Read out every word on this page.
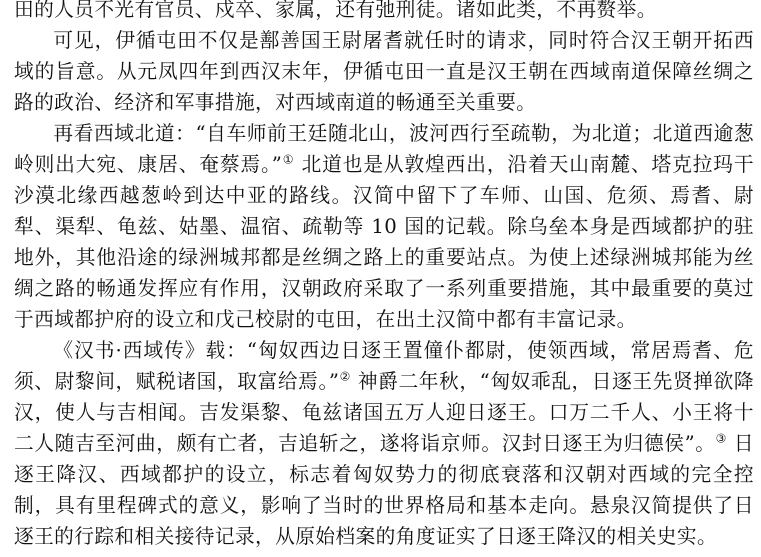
田的人员不光有官员、戍卒、家属，还有弛刑徒。诸如此类，不再赘举。

可见，伊循屯田不仅是鄯善国王尉屠耆就任时的请求，同时符合汉王朝开拓西域的旨意。从元凤四年到西汉末年，伊循屯田一直是汉王朝在西域南道保障丝绸之路的政治、经济和军事措施，对西域南道的畅通至关重要。

再看西域北道：“自车师前王廷随北山，波河西行至疏勒，为北道；北道西逾葱岭则出大宛、康居、奄蔡焉。”① 北道也是从敦煌西出，沿着天山南麓、塔克拉玛干沙漠北缘西越葱岭到达中亚的路线。汉简中留下了车师、山国、危须、焉耆、尉犁、渠犁、龟兹、姑墨、温宿、疏勒等 10 国的记载。除乌垒本身是西域都护的驻地外，其他沿途的绿洲城邦都是丝绸之路上的重要站点。为使上述绿洲城邦能为丝绸之路的畅通发挥应有作用，汉朝政府采取了一系列重要措施，其中最重要的莫过于西域都护府的设立和戊己校尉的屯田，在出土汉简中都有丰富记录。

《汉书·西域传》载：“匈奴西边日逐王置僮仆都尉，使领西域，常居焉耆、危须、尉黎间，赋税诸国，取富给焉。”② 神爵二年秋，“匈奴乖乱，日逐王先贤掸欲降汉，使人与吉相闻。吉发渠黎、龟兹诸国五万人迎日逐王。口万二千人、小王将十二人随吉至河曲，颇有亡者，吉追斩之，遂将诣京师。汉封日逐王为归德侯”。③ 日逐王降汉、西域都护的设立，标志着匈奴势力的彻底衰落和汉朝对西域的完全控制，具有里程碑式的意义，影响了当时的世界格局和基本走向。悬泉汉简提供了日逐王的行踪和相关接待记录，从原始档案的角度证实了日逐王降汉的相关史实。
